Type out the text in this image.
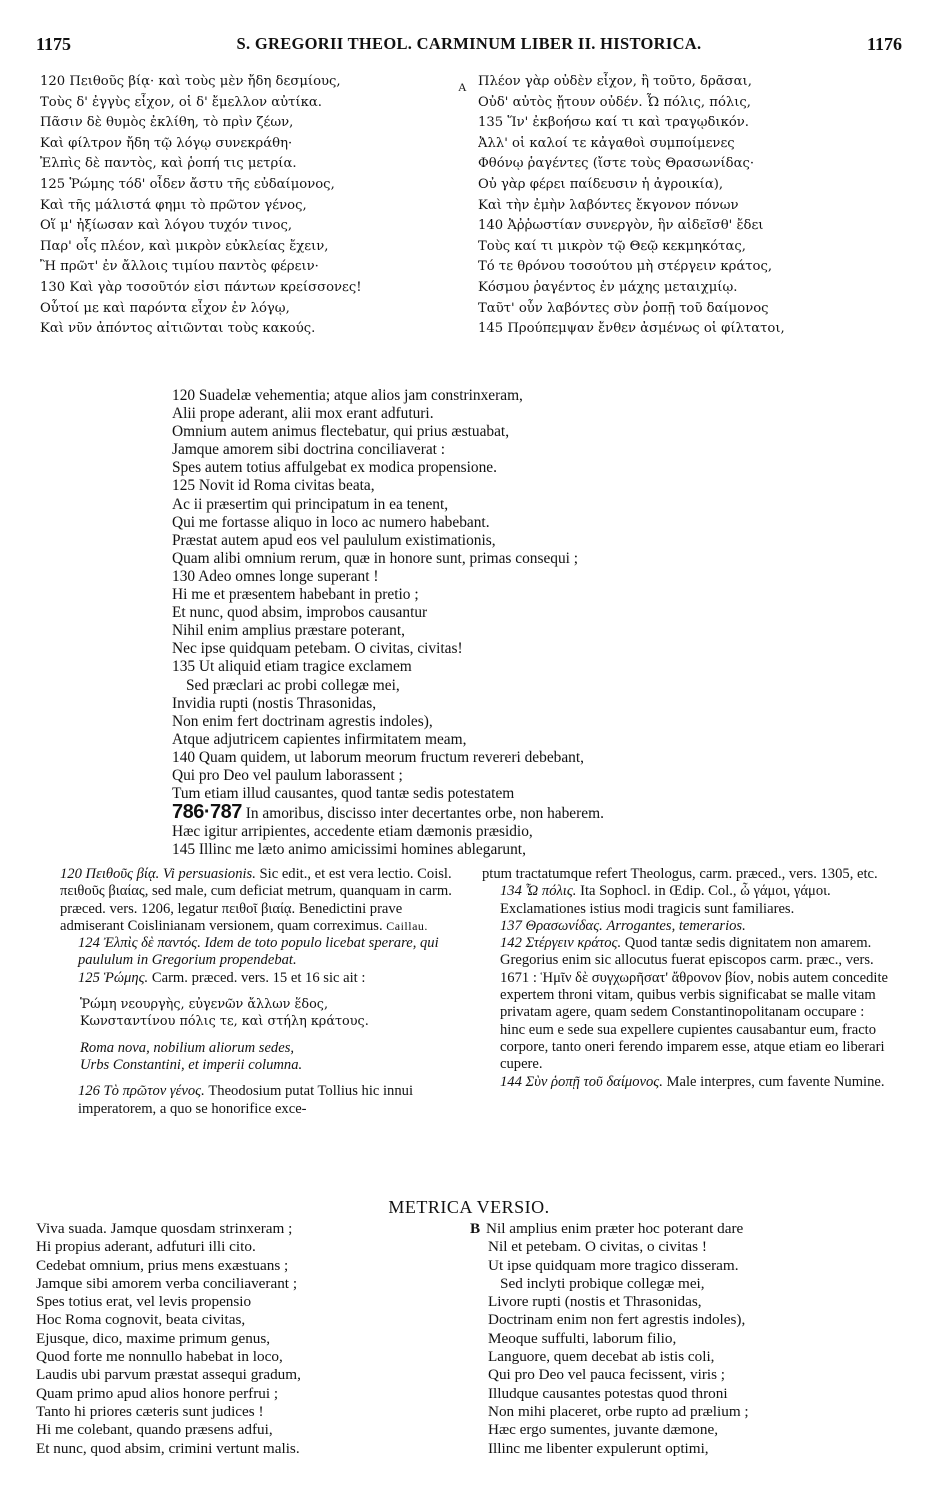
1175	S. GREGORII THEOL. CARMINUM LIBER II. HISTORICA.	1176
120 Πειθοῦς βίᾳ· καὶ τοὺς μὲν ἤδη δεσμίους,
Τοὺς δ' ἐγγὺς εἶχον, οἱ δ' ἔμελλον αὐτίκα.
Πᾶσιν δὲ θυμὸς ἐκλίθη, τὸ πρὶν ζέων,
Καὶ φίλτρον ἤδη τῷ λόγῳ συνεκράθη·
Ἐλπὶς δὲ παντὸς, καὶ ῥοπή τις μετρία.
125 Ῥώμης τόδ' οἶδεν ἄστυ τῆς εὐδαίμονος,
Καὶ τῆς μάλιστά φημι τὸ πρῶτον γένος,
Οἵ μ' ἠξίωσαν καὶ λόγου τυχόν τινος,
Παρ' οἷς πλέον, καὶ μικρὸν εὐκλείας ἔχειν,
Ἢ πρῶτ' ἐν ἄλλοις τιμίου παντὸς φέρειν·
130 Καὶ γὰρ τοσοῦτόν εἰσι πάντων κρείσσονες!
Οὗτοί με καὶ παρόντα εἶχον ἐν λόγῳ,
Καὶ νῦν ἀπόντος αἰτιῶνται τοὺς κακούς.
A Πλέον γὰρ οὐδὲν εἶχον, ἢ τοῦτο, δρᾶσαι,
Οὐδ' αὐτὸς ᾔτουν οὐδέν. Ὦ πόλις, πόλις,
135 Ἵν' ἐκβοήσω καί τι καὶ τραγῳδικόν.
Ἀλλ' οἱ καλοί τε κἀγαθοὶ συμποίμενες
Φθόνῳ ῥαγέντες (ἴστε τοὺς Θρασωνίδας·
Οὐ γὰρ φέρει παίδευσιν ἡ ἀγροικία),
Καὶ τὴν ἐμὴν λαβόντες ἔκγονον πόνων
140 Ἀῤῥωστίαν συνεργὸν, ἣν αἰδεῖσθ' ἔδει
Τοὺς καί τι μικρὸν τῷ Θεῷ κεκμηκότας,
Τό τε θρόνου τοσούτου μὴ στέργειν κράτος,
Κόσμου ῥαγέντος ἐν μάχης μεταιχμίῳ.
Ταῦτ' οὖν λαβόντες σὺν ῥοπῇ τοῦ δαίμονος
145 Προύπεμψαν ἔνθεν ἀσμένως οἱ φίλτατοι,
120 Suadelæ vehementia; atque alios jam constrinxeram,
Alii prope aderant, alii mox erant adfuturi.
Omnium autem animus flectebatur, qui prius æstuabat,
Jamque amorem sibi doctrina conciliaverat :
Spes autem totius affulgebat ex modica propensione.
125 Novit id Roma civitas beata,
Ac ii præsertim qui principatum in ea tenent,
Qui me fortasse aliquo in loco ac numero habebant.
Præstat autem apud eos vel paululum existimationis,
Quam alibi omnium rerum, quæ in honore sunt, primas consequi ;
130 Adeo omnes longe superant !
Hi me et præsentem habebant in pretio ;
Et nunc, quod absim, improbos causantur
Nihil enim amplius præstare poterant,
Nec ipse quidquam petebam. O civitas, civitas!
135 Ut aliquid etiam tragice exclamem
Sed præclari ac probi collegæ mei,
Invidia rupti (nostis Thrasonidas,
Non enim fert doctrinam agrestis indoles),
Atque adjutricem capientes infirmitatem meam,
140 Quam quidem, ut laborum meorum fructum revereri debebant,
Qui pro Deo vel paulum laborassent ;
Tum etiam illud causantes, quod tantæ sedis potestatem
786·787 In amoribus, discisso inter decertantes orbe, non haberem.
Hæc igitur arripientes, accedente etiam dæmonis præsidio,
145 Illinc me læto animo amicissimi homines ablegarunt,
120 Πειθοῦς βίᾳ. Vi persuasionis. Sic edit., et est vera lectio. Coisl. πειθοῦς βιαίας, sed male, cum deficiat metrum, quanquam in carm. præced. vers. 1206, legatur πειθοῖ βιαίᾳ. Benedictini prave admiserant Coislinianam versionem, quam correximus. Caillau.
124 Ἐλπὶς δὲ παντός. Idem de toto populo licebat sperare, qui paululum in Gregorium propendebat.
125 Ῥώμης. Carm. præced. vers. 15 et 16 sic ait :
Ῥώμη νεουργὴς, εὐγενῶν ἄλλων ἕδος,
Κωνσταντίνου πόλις τε, καὶ στήλη κράτους.
Roma nova, nobilium aliorum sedes,
Urbs Constantini, et imperii columna.
126 Τὸ πρῶτον γένος. Theodosium putat Tollius hic innui imperatorem, a quo se honorifice exce-
ptum tractatumque refert Theologus, carm. præced., vers. 1305, etc.
134 Ὦ πόλις. Ita Sophocl. in Œdip. Col., ὦ γάμοι, γάμοι. Exclamationes istius modi tragicis sunt familiares.
137 Θρασωνίδας. Arrogantes, temerarios.
142 Στέργειν κράτος. Quod tantæ sedis dignitatem non amarem. Gregorius enim sic allocutus fuerat episcopos carm. præc., vers. 1671 : Ἡμῖν δὲ συγχωρῆσατ' ἄθρονον βίον, nobis autem concedite expertem throni vitam, quibus verbis significabat se malle vitam privatam agere, quam sedem Constantinopolitanam occupare : hinc eum e sede sua expellere cupientes causabantur eum, fracto corpore, tanto oneri ferendo imparem esse, atque etiam eo liberari cupere.
144 Σὺν ῥοπῇ τοῦ δαίμονος. Male interpres, cum favente Numine.
METRICA VERSIO.
Viva suada. Jamque quosdam strinxeram ;
Hi propius aderant, adfuturi illi cito.
Cedebat omnium, prius mens exæstuans ;
Jamque sibi amorem verba conciliaverant ;
Spes totius erat, vel levis propensio
Hoc Roma cognovit, beata civitas,
Ejusque, dico, maxime primum genus,
Quod forte me nonnullo habebat in loco,
Laudis ubi parvum præstat assequi gradum,
Quam primo apud alios honore perfrui ;
Tanto hi priores cæteris sunt judices !
Hi me colebant, quando præsens adfui,
Et nunc, quod absim, crimini vertunt malis.
B Nil amplius enim præter hoc poterant dare
Nil et petebam. O civitas, o civitas !
Ut ipse quidquam more tragico disseram.
Sed inclyti probique collegæ mei,
Livore rupti (nostis et Thrasonidas,
Doctrinam enim non fert agrestis indoles),
Meoque suffulti, laborum filio,
Languore, quem decebat ab istis coli,
Qui pro Deo vel pauca fecissent, viris ;
Illudque causantes potestas quod throni
Non mihi placeret, orbe rupto ad prælium ;
Hæc ergo sumentes, juvante dæmone,
Illinc me libenter expulerunt optimi,
